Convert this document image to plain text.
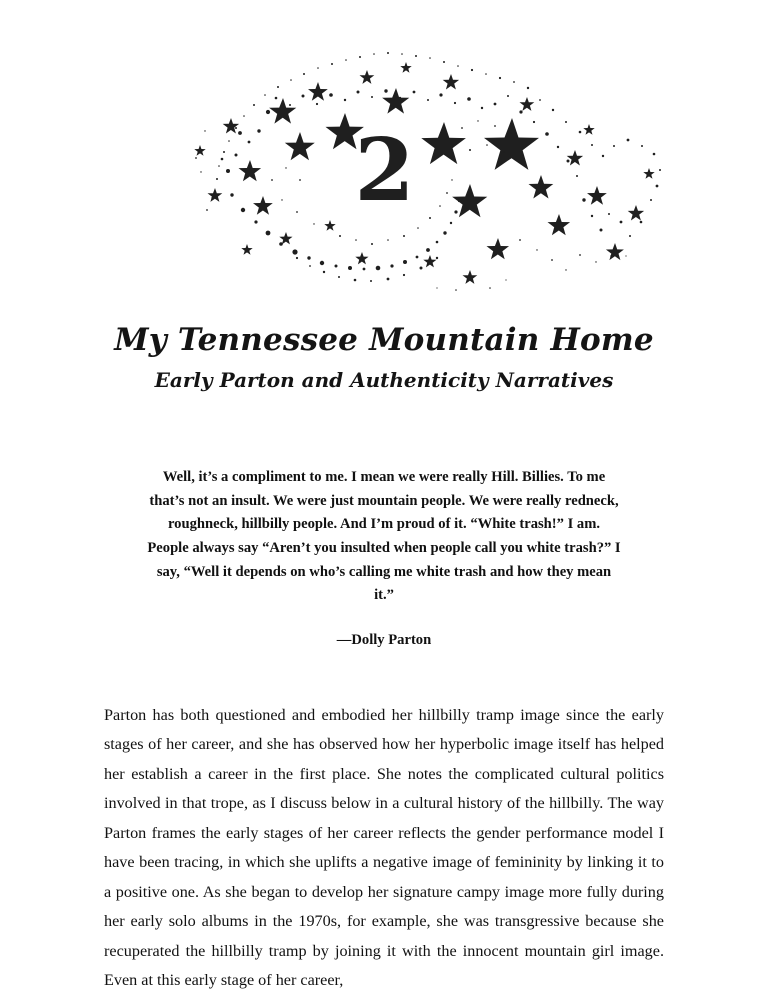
2
My Tennessee Mountain Home
Early Parton and Authenticity Narratives
Well, it’s a compliment to me. I mean we were really Hill. Billies. To me that’s not an insult. We were just mountain people. We were really redneck, roughneck, hillbilly people. And I’m proud of it. “White trash!” I am. People always say “Aren’t you insulted when people call you white trash?” I say, “Well it depends on who’s calling me white trash and how they mean it.”
—Dolly Parton

Parton has both questioned and embodied her hillbilly tramp image since the early stages of her career, and she has observed how her hyperbolic image itself has helped her establish a career in the first place. She notes the complicated cultural politics involved in that trope, as I discuss below in a cultural history of the hillbilly. The way Parton frames the early stages of her career reflects the gender performance model I have been tracing, in which she uplifts a negative image of femininity by linking it to a positive one. As she began to develop her signature campy image more fully during her early solo albums in the 1970s, for example, she was transgressive because she recuperated the hillbilly tramp by joining it with the innocent mountain girl image. Even at this early stage of her career,
